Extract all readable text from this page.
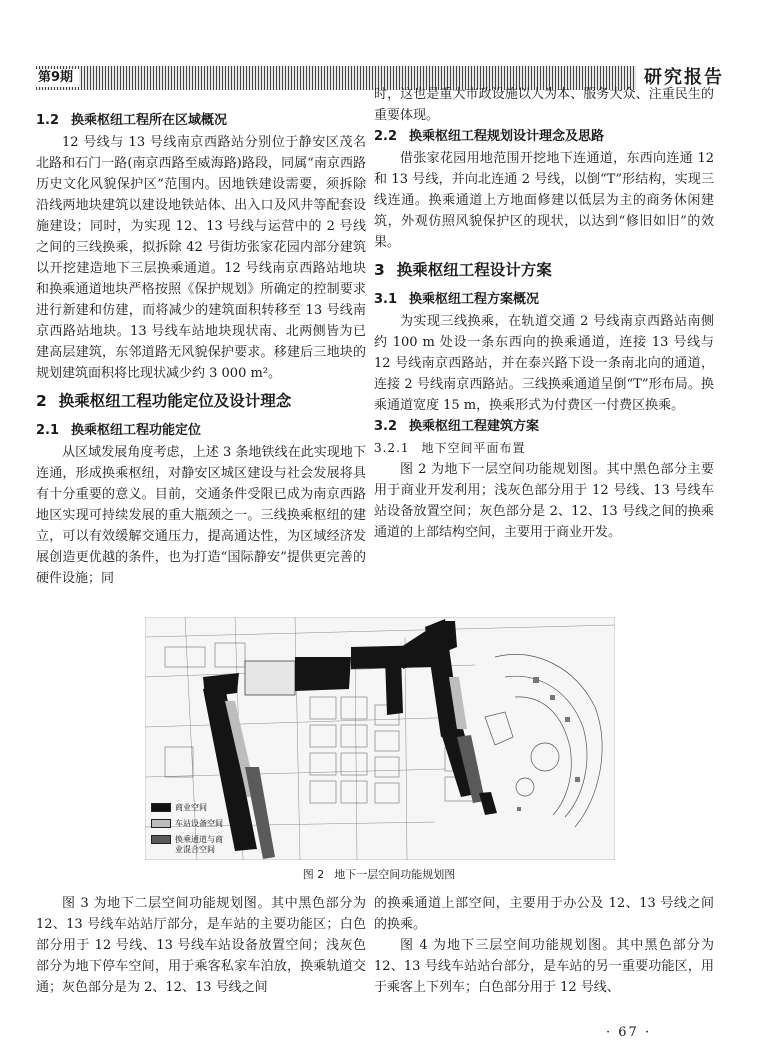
第9期	研究报告
1.2 换乘枢纽工程所在区域概况

12 号线与 13 号线南京西路站分别位于静安区茂名北路和石门一路(南京西路至威海路)路段，同属“南京西路历史文化风貌保护区”范围内。因地铁建设需要，须拆除沿线两地块建筑以建设地铁站体、出入口及风井等配套设施建设；同时，为实现 12、13 号线与运营中的 2 号线之间的三线换乘，拟拆除 42 号街坊张家花园内部分建筑以开挖建造地下三层换乘通道。12 号线南京西路站地块和换乘通道地块严格按照《保护规划》所确定的控制要求进行新建和仿建，而将减少的建筑面积转移至 13 号线南京西路站地块。13 号线车站地块现状南、北两侧皆为已建高层建筑，东邻道路无风貌保护要求。移建后三地块的规划建筑面积将比现状减少约 3 000 m²。

2 换乘枢纽工程功能定位及设计理念
2.1 换乘枢纽工程功能定位

从区域发展角度考虑，上述 3 条地铁线在此实现地下连通，形成换乘枢纽，对静安区城区建设与社会发展将具有十分重要的意义。目前，交通条件受限已成为南京西路地区实现可持续发展的重大瓶颈之一。三线换乘枢纽的建立，可以有效缓解交通压力，提高通达性，为区域经济发展创造更优越的条件，也为打造“国际静安”提供更完善的硬件设施；同

时，这也是重大市政设施以人为本、服务大众、注重民生的重要体现。

2.2 换乘枢纽工程规划设计理念及思路

借张家花园用地范围开挖地下连通道，东西向连通 12 和 13 号线，并向北连通 2 号线，以倒“T”形结构，实现三线连通。换乘通道上方地面修建以低层为主的商务休闲建筑，外观仿照风貌保护区的现状，以达到“修旧如旧”的效果。

3 换乘枢纽工程设计方案
3.1 换乘枢纽工程方案概况

为实现三线换乘，在轨道交通 2 号线南京西路站南侧约 100 m 处设一条东西向的换乘通道，连接 13 号线与 12 号线南京西路站，并在泰兴路下设一条南北向的通道，连接 2 号线南京西路站。三线换乘通道呈倒“T”形布局。换乘通道宽度 15 m，换乘形式为付费区一付费区换乘。

3.2 换乘枢纽工程建筑方案
3.2.1 地下空间平面布置

图 2 为地下一层空间功能规划图。其中黑色部分主要用于商业开发利用；浅灰色部分用于 12 号线、13 号线车站设备放置空间；灰色部分是 2、12、13 号线之间的换乘通道的上部结构空间，主要用于商业开发。

商业空间
车站设备空间
换乘通道与商业混合空间
图 2 地下一层空间功能规划图

图 3 为地下二层空间功能规划图。其中黑色部分为 12、13 号线车站站厅部分，是车站的主要功能区；白色部分用于 12 号线、13 号线车站设备放置空间；浅灰色部分为地下停车空间，用于乘客私家车泊放，换乘轨道交通；灰色部分是为 2、12、13 号线之间

的换乘通道上部空间，主要用于办公及 12、13 号线之间的换乘。

图 4 为地下三层空间功能规划图。其中黑色部分为 12、13 号线车站站台部分，是车站的另一重要功能区，用于乘客上下列车；白色部分用于 12 号线、

· 67 ·
